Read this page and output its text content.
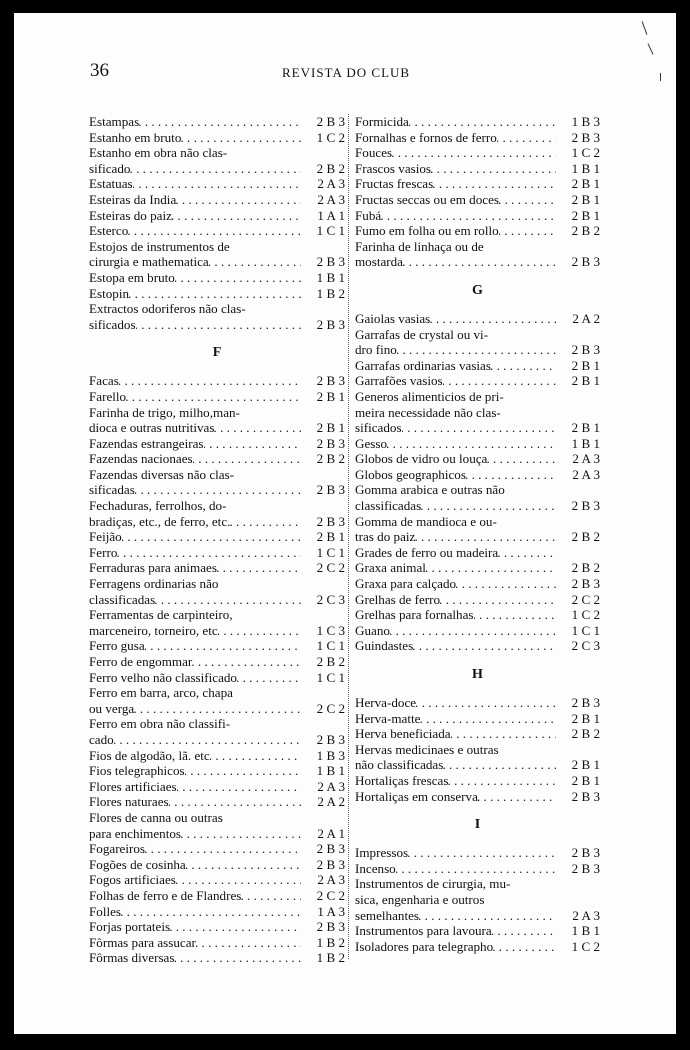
36	REVISTA DO CLUB
Estampas . . .	2 B 3
Estanho em bruto . . .	1 C 2
Estanho em obra não clas-
sificado . . .	2 B 2
Estatuas . . .	2 A 3
Esteiras da India . . .	2 A 3
Esteiras do paiz . . .	1 A 1
Esterco . . .	1 C 1
Estojos de instrumentos de
cirurgia e mathematica . . .	2 B 3
Estopa em bruto . . .	1 B 1
Estopin . . .	1 B 2
Extractos odoriferos não clas-
sificados . . .	2 B 3
F
Facas . . .	2 B 3
Farello . . .	2 B 1
Farinha de trigo, milho,man-
dioca e outras nutritivas . . .	2 B 1
Fazendas estrangeiras . . .	2 B 3
Fazendas nacionaes . . .	2 B 2
Fazendas diversas não clas-
sificadas . . .	2 B 3
Fechaduras, ferrolhos, do-
bradiças, etc., de ferro, etc. . . .	2 B 3
Feijão . . .	2 B 1
Ferro . . .	1 C 1
Ferraduras para animaes . . .	2 C 2
Ferragens ordinarias não
classificadas . . .	2 C 3
Ferramentas de carpinteiro,
marceneiro, torneiro, etc . . .	1 C 3
Ferro gusa . . .	1 C 1
Ferro de engommar . . .	2 B 2
Ferro velho não classificado . . .	1 C 1
Ferro em barra, arco, chapa
ou verga . . .	2 C 2
Ferro em obra não classifi-
cado . . .	2 B 3
Fios de algodão, lã. etc . . .	1 B 3
Fios telegraphicos . . .	1 B 1
Flores artificiaes . . .	2 A 3
Flores naturaes . . .	2 A 2
Flores de canna ou outras
para enchimentos . . .	2 A 1
Fogareiros . . .	2 B 3
Fogões de cosinha . . .	2 B 3
Fogos artificiaes . . .	2 A 3
Folhas de ferro e de Flandres . . .	2 C 2
Folles . . .	1 A 3
Forjas portateis . . .	2 B 3
Fôrmas para assucar . . .	1 B 2
Fôrmas diversas . . .	1 B 2
Formicida . . .	1 B 3
Fornalhas e fornos de ferro . . .	2 B 3
Fouces . . .	1 C 2
Frascos vasios . . .	1 B 1
Fructas frescas . . .	2 B 1
Fructas seccas ou em doces . . .	2 B 1
Fubá . . .	2 B 1
Fumo em folha ou em rollo . . .	2 B 2
Farinha de linhaça ou de
mostarda . . .	2 B 3
G
Gaiolas vasias . . .	2 A 2
Garrafas de crystal ou vi-
dro fino . . .	2 B 3
Garrafas ordinarias vasias . . .	2 B 1
Garrafões vasios . . .	2 B 1
Generos alimenticios de pri-
meira necessidade não clas-
sificados . . .	2 B 1
Gesso . . .	1 B 1
Globos de vidro ou louça . . .	2 A 3
Globos geographicos . . .	2 A 3
Gomma arabica e outras não
classificadas . . .	2 B 3
Gomma de mandioca e ou-
tras do paiz . . .	2 B 2
Grades de ferro ou madeira
. . .
Graxa animal . . .	2 B 2
Graxa para calçado . . .	2 B 3
Grelhas de ferro . . .	2 C 2
Grelhas para fornalhas . . .	1 C 2
Guano . . .	1 C 1
Guindastes . . .	2 C 3
H
Herva-doce . . .	2 B 3
Herva-matte . . .	2 B 1
Herva beneficiada . . .	2 B 2
Hervas medicinaes e outras
não classificadas . . .	2 B 1
Hortaliças frescas . . .	2 B 1
Hortaliças em conserva . . .	2 B 3
I
Impressos . . .	2 B 3
Incenso . . .	2 B 3
Instrumentos de cirurgia, mu-
sica, engenharia e outros
semelhantes . . .	2 A 3
Instrumentos para lavoura . . .	1 B 1
Isoladores para telegrapho . . .	1 C 2
